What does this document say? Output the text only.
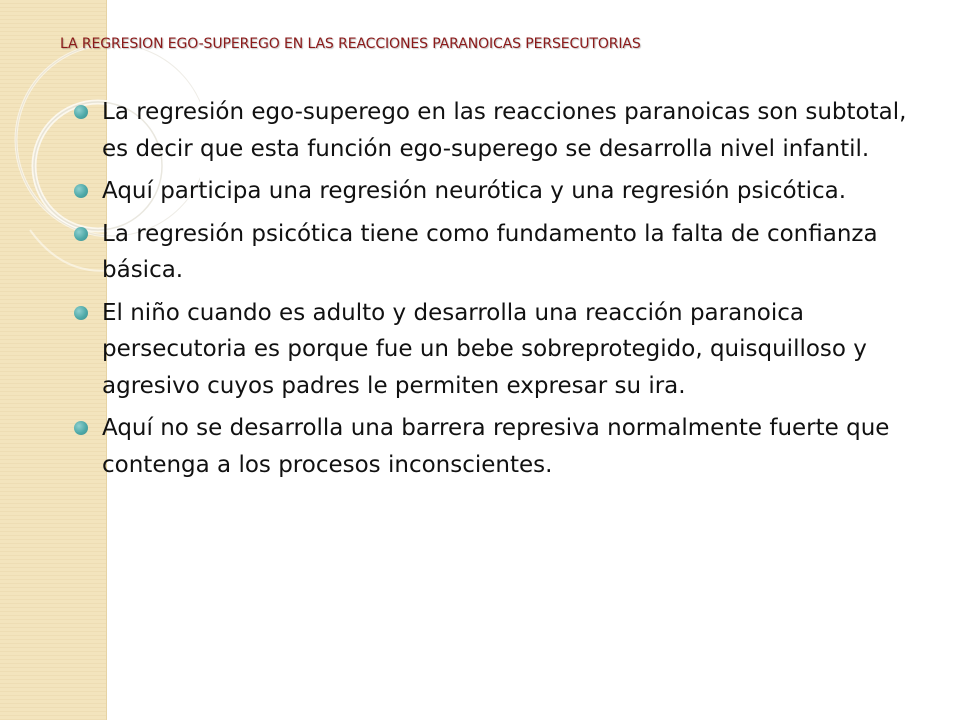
LA REGRESION EGO-SUPEREGO EN LAS REACCIONES PARANOICAS PERSECUTORIAS
La regresión ego-superego en las reacciones paranoicas son subtotal, es decir que esta función ego-superego se desarrolla nivel infantil.
Aquí participa una regresión neurótica y una regresión psicótica.
La regresión psicótica tiene como fundamento la falta de confianza básica.
El niño cuando es adulto y desarrolla una reacción paranoica persecutoria es porque fue un bebe sobreprotegido, quisquilloso y agresivo cuyos padres le permiten expresar su ira.
Aquí no se desarrolla una barrera represiva normalmente fuerte que contenga a los procesos inconscientes.
